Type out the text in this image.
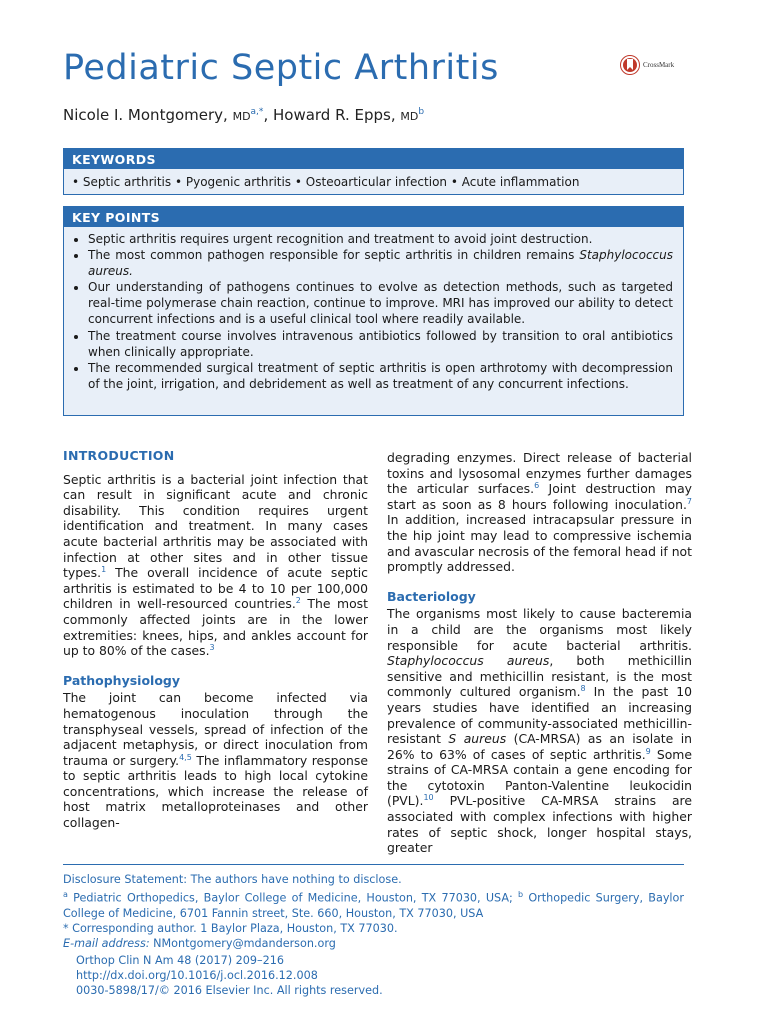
Pediatric Septic Arthritis	CrossMark
Nicole I. Montgomery, $MD^{a,*}$, Howard R. Epps, $MD^b$
KEYWORDS
• Septic arthritis • Pyogenic arthritis • Osteoarticular infection • Acute inflammation
KEY POINTS
• Septic arthritis requires urgent recognition and treatment to avoid joint destruction.
• The most common pathogen responsible for septic arthritis in children remains Staphylococcus aureus.
• Our understanding of pathogens continues to evolve as detection methods, such as targeted real-time polymerase chain reaction, continue to improve. MRI has improved our ability to detect concurrent infections and is a useful clinical tool where readily available.
• The treatment course involves intravenous antibiotics followed by transition to oral antibiotics when clinically appropriate.
• The recommended surgical treatment of septic arthritis is open arthrotomy with decompression of the joint, irrigation, and debridement as well as treatment of any concurrent infections.
INTRODUCTION

Septic arthritis is a bacterial joint infection that can result in significant acute and chronic disability. This condition requires urgent identification and treatment. In many cases acute bacterial arthritis may be associated with infection at other sites and in other tissue types.$^1$ The overall incidence of acute septic arthritis is estimated to be 4 to 10 per 100,000 children in well-resourced countries.$^2$ The most commonly affected joints are in the lower extremities: knees, hips, and ankles account for up to 80% of the cases.$^3$

Pathophysiology

The joint can become infected via hematogenous inoculation through the transphyseal vessels, spread of infection of the adjacent metaphysis, or direct inoculation from trauma or surgery.$^{4,5}$ The inflammatory response to septic arthritis leads to high local cytokine concentrations, which increase the release of host matrix metalloproteinases and other collagen-

degrading enzymes. Direct release of bacterial toxins and lysosomal enzymes further damages the articular surfaces.$^6$ Joint destruction may start as soon as 8 hours following inoculation.$^7$ In addition, increased intracapsular pressure in the hip joint may lead to compressive ischemia and avascular necrosis of the femoral head if not promptly addressed.

Bacteriology

The organisms most likely to cause bacteremia in a child are the organisms most likely responsible for acute bacterial arthritis. Staphylococcus aureus, both methicillin sensitive and methicillin resistant, is the most commonly cultured organism.$^8$ In the past 10 years studies have identified an increasing prevalence of community-associated methicillin-resistant S aureus (CA-MRSA) as an isolate in 26% to 63% of cases of septic arthritis.$^9$ Some strains of CA-MRSA contain a gene encoding for the cytotoxin Panton-Valentine leukocidin (PVL).$^{10}$ PVL-positive CA-MRSA strains are associated with complex infections with higher rates of septic shock, longer hospital stays, greater

Disclosure Statement: The authors have nothing to disclose.

$^a$ Pediatric Orthopedics, Baylor College of Medicine, Houston, TX 77030, USA; $^b$ Orthopedic Surgery, Baylor College of Medicine, 6701 Fannin street, Ste. 660, Houston, TX 77030, USA

* Corresponding author. 1 Baylor Plaza, Houston, TX 77030.

E-mail address: NMontgomery@mdanderson.org

Orthop Clin N Am 48 (2017) 209–216

http://dx.doi.org/10.1016/j.ocl.2016.12.008

0030-5898/17/© 2016 Elsevier Inc. All rights reserved.
